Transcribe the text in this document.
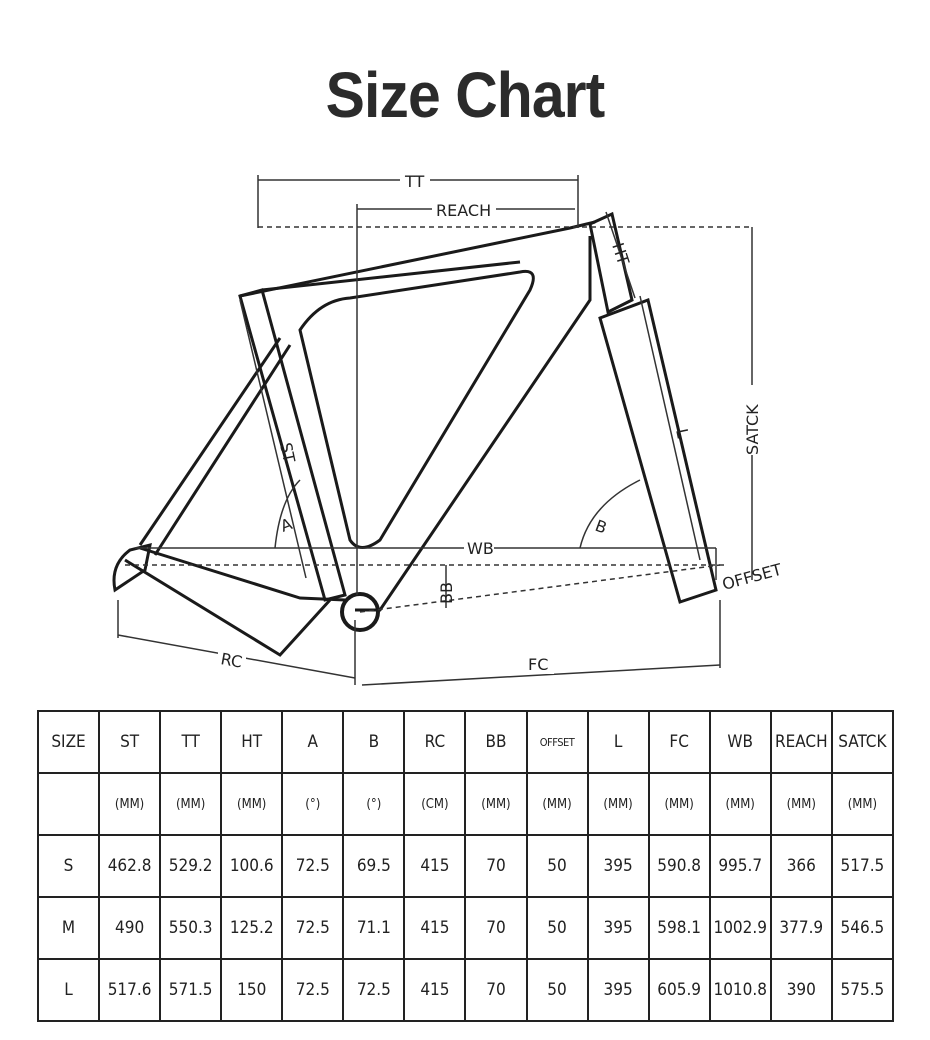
Size Chart
TT
REACH
HT
SATCK
L
ST
A	B
WB
BB	OFFSET
RC	FC
SIZE	ST	TT	HT	A	B	RC	BB	OFFSET	L	FC	WB	REACH	SATCK
	(MM)	(MM)	(MM)	(°)	(°)	(CM)	(MM)	(MM)	(MM)	(MM)	(MM)	(MM)	(MM)
S	462.8	529.2	100.6	72.5	69.5	415	70	50	395	590.8	995.7	366	517.5
M	490	550.3	125.2	72.5	71.1	415	70	50	395	598.1	1002.9	377.9	546.5
L	517.6	571.5	150	72.5	72.5	415	70	50	395	605.9	1010.8	390	575.5
